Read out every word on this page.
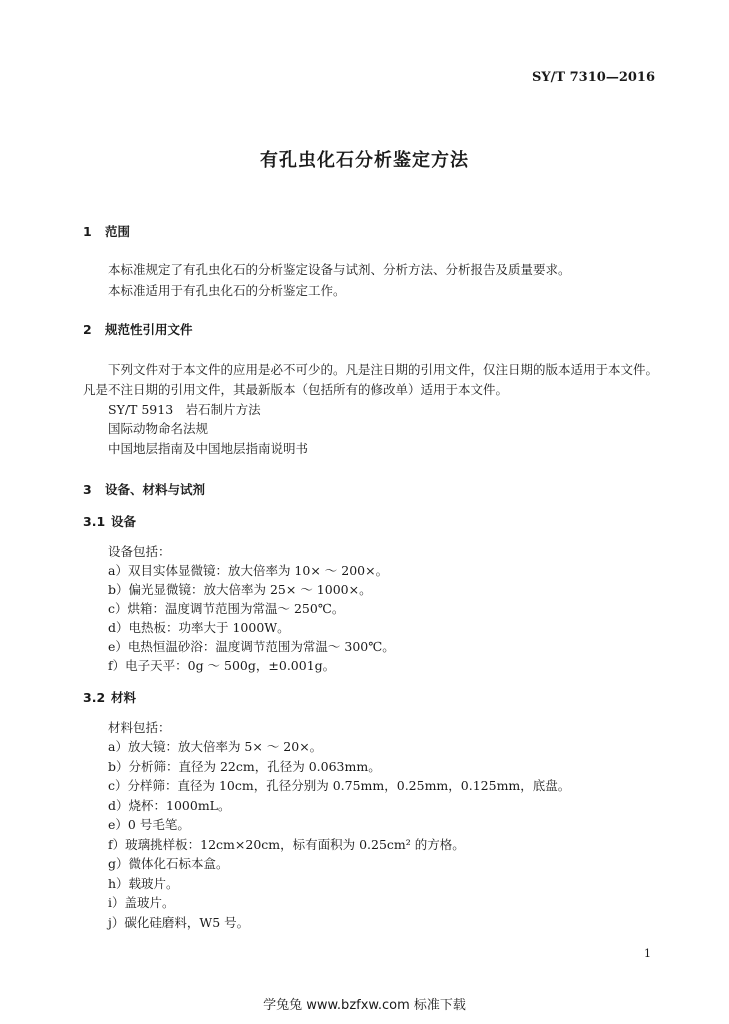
SY/T 7310—2016
有孔虫化石分析鉴定方法
1 范围
本标准规定了有孔虫化石的分析鉴定设备与试剂、分析方法、分析报告及质量要求。
本标准适用于有孔虫化石的分析鉴定工作。
2 规范性引用文件
下列文件对于本文件的应用是必不可少的。凡是注日期的引用文件，仅注日期的版本适用于本文件。凡是不注日期的引用文件，其最新版本（包括所有的修改单）适用于本文件。
SY/T 5913　岩石制片方法
国际动物命名法规
中国地层指南及中国地层指南说明书
3 设备、材料与试剂
3.1 设备
设备包括：
a）双目实体显微镜：放大倍率为 10× ～ 200×。
b）偏光显微镜：放大倍率为 25× ～ 1000×。
c）烘箱：温度调节范围为常温～ 250℃。
d）电热板：功率大于 1000W。
e）电热恒温砂浴：温度调节范围为常温～ 300℃。
f）电子天平：0g ～ 500g，±0.001g。
3.2 材料
材料包括：
a）放大镜：放大倍率为 5× ～ 20×。
b）分析筛：直径为 22cm，孔径为 0.063mm。
c）分样筛：直径为 10cm，孔径分别为 0.75mm，0.25mm，0.125mm，底盘。
d）烧杯：1000mL。
e）0 号毛笔。
f）玻璃挑样板：12cm×20cm，标有面积为 0.25cm² 的方格。
g）微体化石标本盒。
h）载玻片。
i）盖玻片。
j）碳化硅磨料，W5 号。
1
学兔兔 www.bzfxw.com 标准下载
